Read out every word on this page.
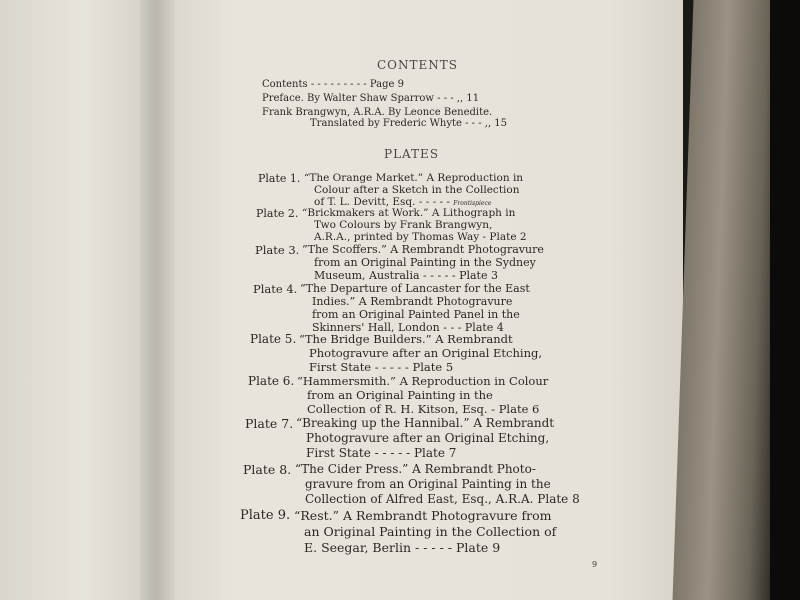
CONTENTS
Contents - - - - - - - - - Page 9
Preface. By Walter Shaw Sparrow - - - ,, 11
Frank Brangwyn, A.R.A. By Leonce Benedite.
Translated by Frederic Whyte - - - ,, 15
PLATES
Plate 1. “The Orange Market.” A Reproduction in
Colour after a Sketch in the Collection
of T. L. Devitt, Esq. - - - - - Frontispiece
Plate 2. “Brickmakers at Work.” A Lithograph in
Two Colours by Frank Brangwyn,
A.R.A., printed by Thomas Way - Plate 2
Plate 3. “The Scoffers.” A Rembrandt Photogravure
from an Original Painting in the Sydney
Museum, Australia - - - - - Plate 3
Plate 4. “The Departure of Lancaster for the East
Indies.” A Rembrandt Photogravure
from an Original Painted Panel in the
Skinners' Hall, London - - - Plate 4
Plate 5. “The Bridge Builders.” A Rembrandt
Photogravure after an Original Etching,
First State - - - - - Plate 5
Plate 6. “Hammersmith.” A Reproduction in Colour
from an Original Painting in the
Collection of R. H. Kitson, Esq. - Plate 6
Plate 7. “Breaking up the Hannibal.” A Rembrandt
Photogravure after an Original Etching,
First State - - - - - Plate 7
Plate 8. “The Cider Press.” A Rembrandt Photo-
gravure from an Original Painting in the
Collection of Alfred East, Esq., A.R.A. Plate 8
Plate 9. “Rest.” A Rembrandt Photogravure from
an Original Painting in the Collection of
E. Seegar, Berlin - - - - - Plate 9
9
